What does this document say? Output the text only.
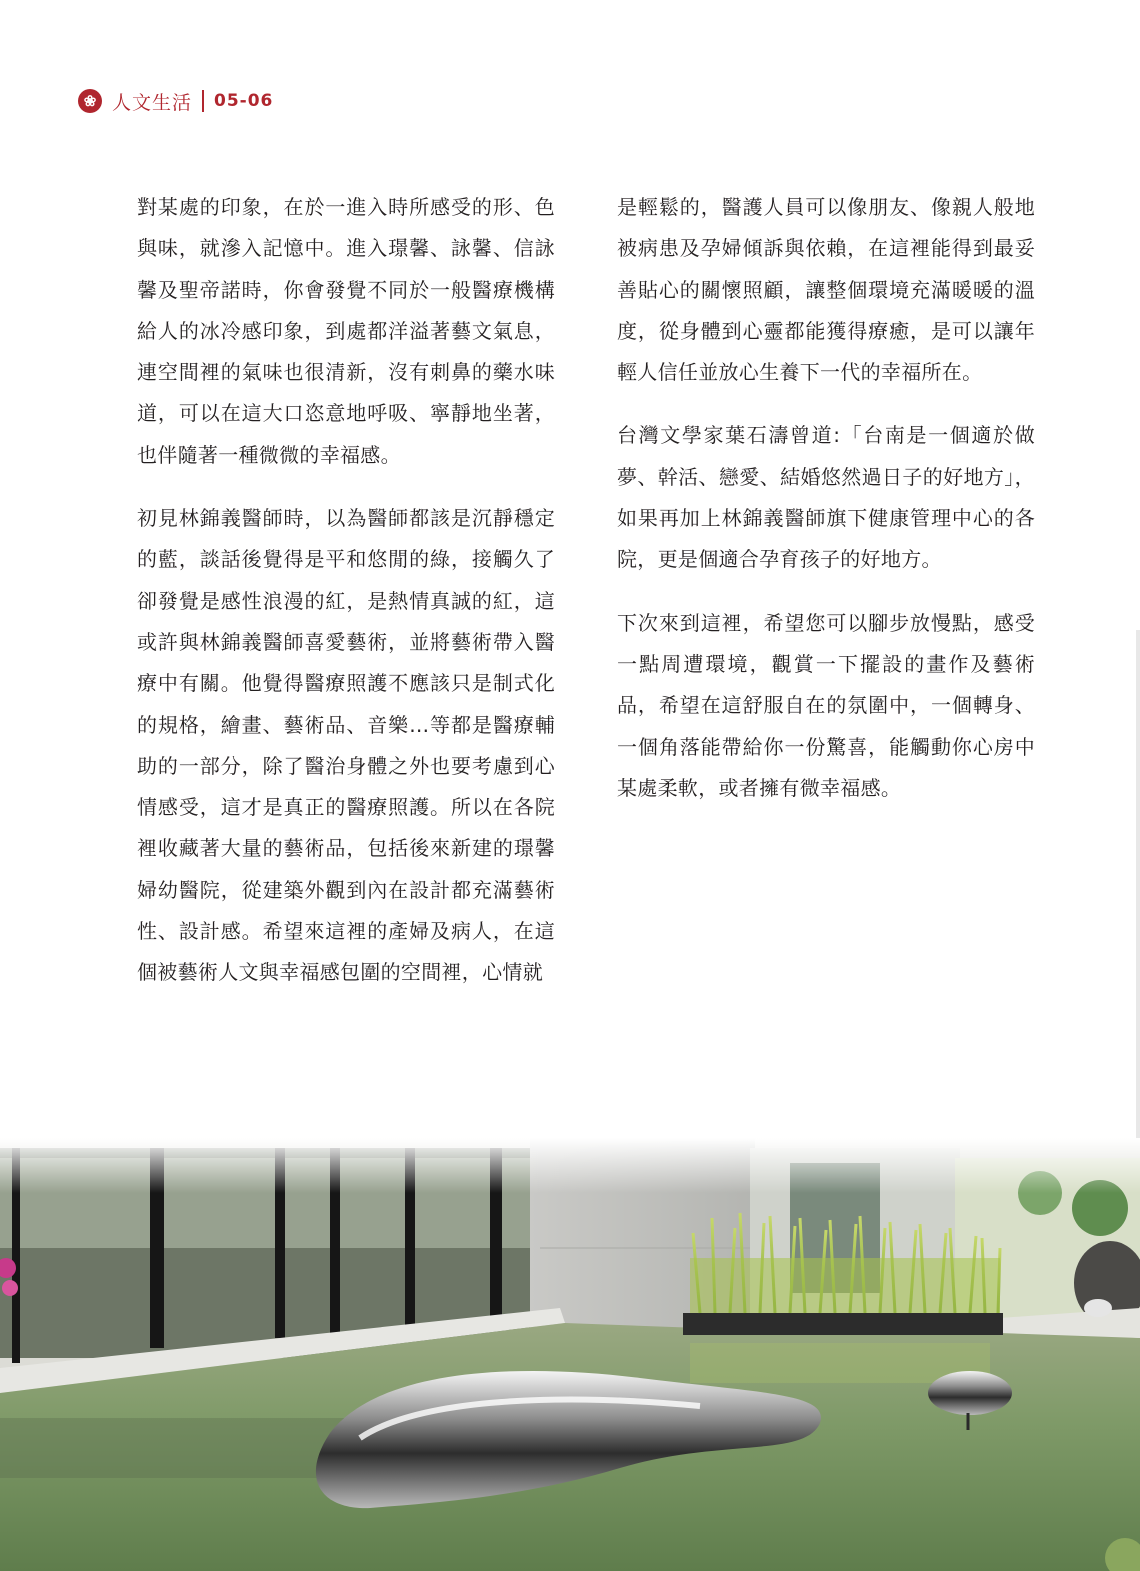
❀ 人文生活 05-06

對某處的印象，在於一進入時所感受的形、色與味，就滲入記憶中。進入璟馨、詠馨、信詠馨及聖帝諾時，你會發覺不同於一般醫療機構給人的冰冷感印象，到處都洋溢著藝文氣息，連空間裡的氣味也很清新，沒有刺鼻的藥水味道，可以在這大口恣意地呼吸、寧靜地坐著，也伴隨著一種微微的幸福感。

初見林錦義醫師時，以為醫師都該是沉靜穩定的藍，談話後覺得是平和悠閒的綠，接觸久了卻發覺是感性浪漫的紅，是熱情真誠的紅，這或許與林錦義醫師喜愛藝術，並將藝術帶入醫療中有關。他覺得醫療照護不應該只是制式化的規格，繪畫、藝術品、音樂…等都是醫療輔助的一部分，除了醫治身體之外也要考慮到心情感受，這才是真正的醫療照護。所以在各院裡收藏著大量的藝術品，包括後來新建的璟馨婦幼醫院，從建築外觀到內在設計都充滿藝術性、設計感。希望來這裡的產婦及病人，在這個被藝術人文與幸福感包圍的空間裡，心情就

是輕鬆的，醫護人員可以像朋友、像親人般地被病患及孕婦傾訴與依賴，在這裡能得到最妥善貼心的關懷照顧，讓整個環境充滿暖暖的溫度，從身體到心靈都能獲得療癒，是可以讓年輕人信任並放心生養下一代的幸福所在。

台灣文學家葉石濤曾道:「台南是一個適於做夢、幹活、戀愛、結婚悠然過日子的好地方」，如果再加上林錦義醫師旗下健康管理中心的各院，更是個適合孕育孩子的好地方。

下次來到這裡，希望您可以腳步放慢點，感受一點周遭環境，觀賞一下擺設的畫作及藝術品，希望在這舒服自在的氛圍中，一個轉身、一個角落能帶給你一份驚喜，能觸動你心房中某處柔軟，或者擁有微幸福感。
